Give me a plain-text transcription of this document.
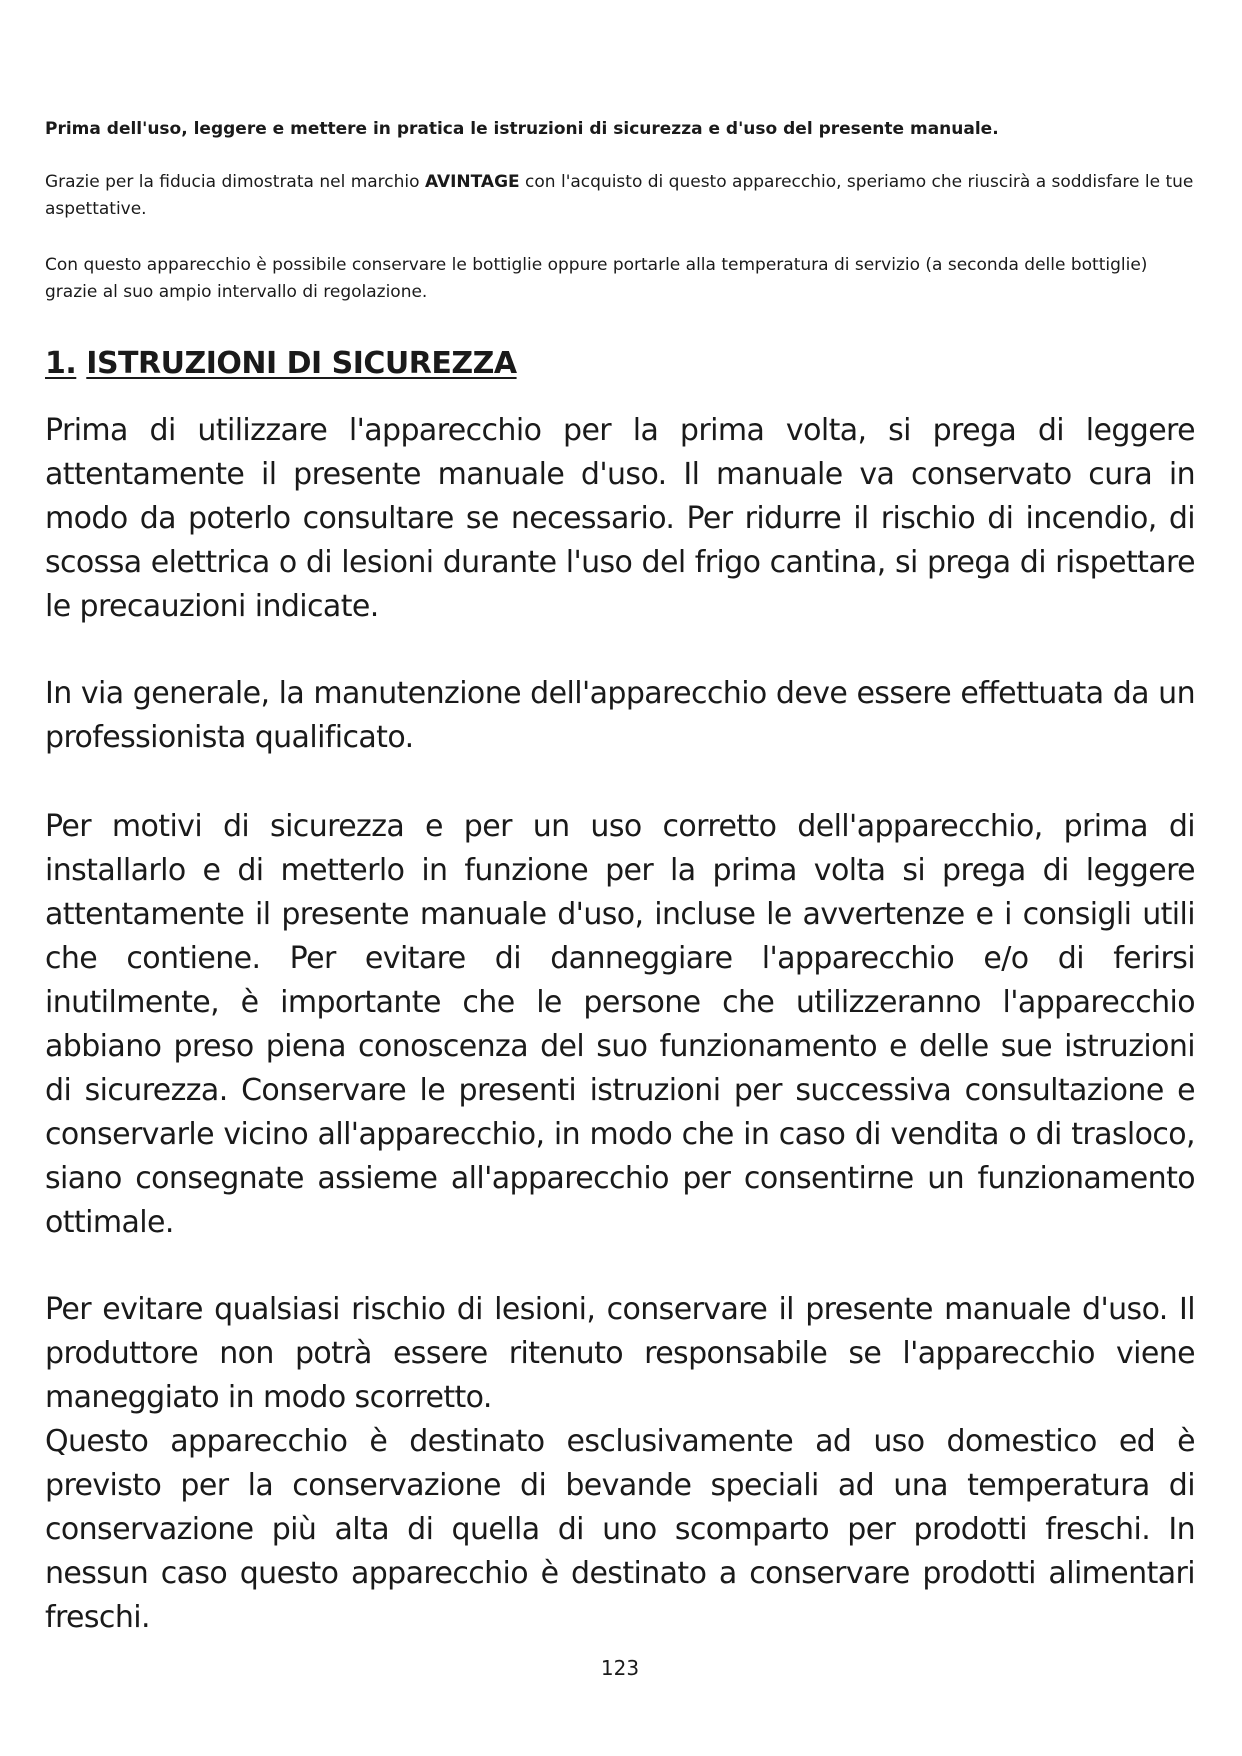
Prima dell'uso, leggere e mettere in pratica le istruzioni di sicurezza e d'uso del presente manuale.

Grazie per la fiducia dimostrata nel marchio AVINTAGE con l'acquisto di questo apparecchio, speriamo che riuscirà a soddisfare le tue aspettative.

Con questo apparecchio è possibile conservare le bottiglie oppure portarle alla temperatura di servizio (a seconda delle bottiglie) grazie al suo ampio intervallo di regolazione.

1. ISTRUZIONI DI SICUREZZA

Prima di utilizzare l'apparecchio per la prima volta, si prega di leggere attentamente il presente manuale d'uso. Il manuale va conservato cura in modo da poterlo consultare se necessario. Per ridurre il rischio di incendio, di scossa elettrica o di lesioni durante l'uso del frigo cantina, si prega di rispettare le precauzioni indicate.

In via generale, la manutenzione dell'apparecchio deve essere effettuata da un professionista qualificato.

Per motivi di sicurezza e per un uso corretto dell'apparecchio, prima di installarlo e di metterlo in funzione per la prima volta si prega di leggere attentamente il presente manuale d'uso, incluse le avvertenze e i consigli utili che contiene. Per evitare di danneggiare l'apparecchio e/o di ferirsi inutilmente, è importante che le persone che utilizzeranno l'apparecchio abbiano preso piena conoscenza del suo funzionamento e delle sue istruzioni di sicurezza. Conservare le presenti istruzioni per successiva consultazione e conservarle vicino all'apparecchio, in modo che in caso di vendita o di trasloco, siano consegnate assieme all'apparecchio per consentirne un funzionamento ottimale.

Per evitare qualsiasi rischio di lesioni, conservare il presente manuale d'uso. Il produttore non potrà essere ritenuto responsabile se l'apparecchio viene maneggiato in modo scorretto.

Questo apparecchio è destinato esclusivamente ad uso domestico ed è previsto per la conservazione di bevande speciali ad una temperatura di conservazione più alta di quella di uno scomparto per prodotti freschi. In nessun caso questo apparecchio è destinato a conservare prodotti alimentari freschi.

123
